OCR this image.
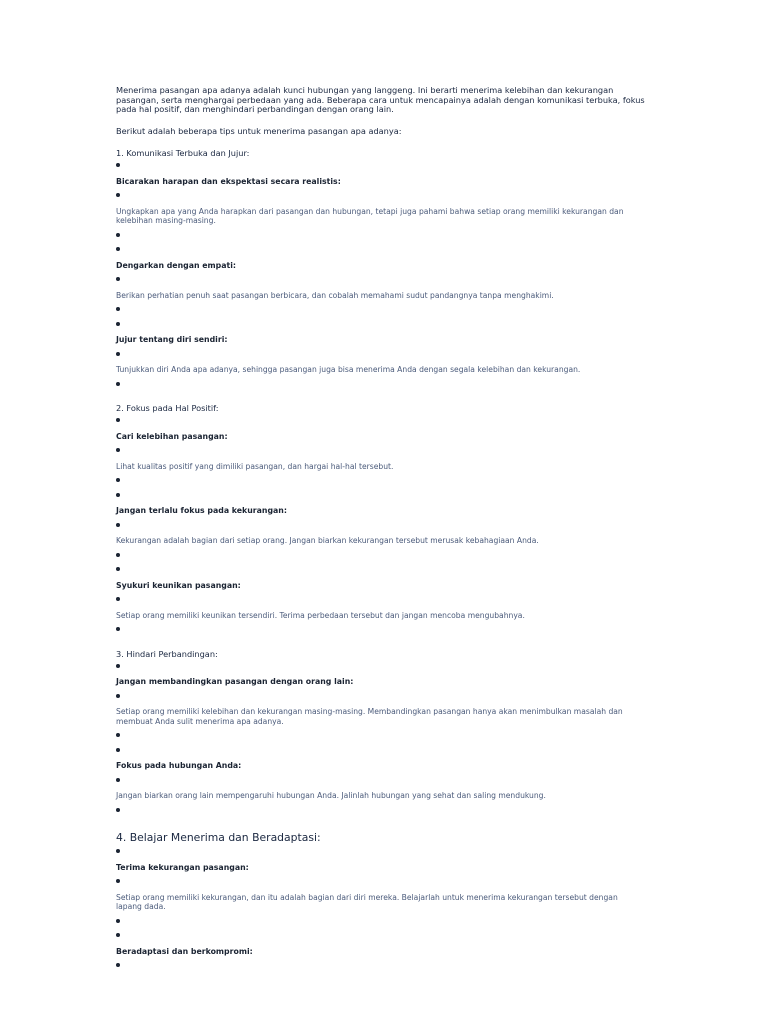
Menerima pasangan apa adanya adalah kunci hubungan yang langgeng. Ini berarti menerima kelebihan dan kekurangan pasangan, serta menghargai perbedaan yang ada. Beberapa cara untuk mencapainya adalah dengan komunikasi terbuka, fokus pada hal positif, dan menghindari perbandingan dengan orang lain.

Berikut adalah beberapa tips untuk menerima pasangan apa adanya:

1. Komunikasi Terbuka dan Jujur:
Bicarakan harapan dan ekspektasi secara realistis:
Ungkapkan apa yang Anda harapkan dari pasangan dan hubungan, tetapi juga pahami bahwa setiap orang memiliki kekurangan dan kelebihan masing-masing.
Dengarkan dengan empati:
Berikan perhatian penuh saat pasangan berbicara, dan cobalah memahami sudut pandangnya tanpa menghakimi.
Jujur tentang diri sendiri:
Tunjukkan diri Anda apa adanya, sehingga pasangan juga bisa menerima Anda dengan segala kelebihan dan kekurangan.
2. Fokus pada Hal Positif:
Cari kelebihan pasangan:
Lihat kualitas positif yang dimiliki pasangan, dan hargai hal-hal tersebut.
Jangan terlalu fokus pada kekurangan:
Kekurangan adalah bagian dari setiap orang. Jangan biarkan kekurangan tersebut merusak kebahagiaan Anda.
Syukuri keunikan pasangan:
Setiap orang memiliki keunikan tersendiri. Terima perbedaan tersebut dan jangan mencoba mengubahnya.
3. Hindari Perbandingan:
Jangan membandingkan pasangan dengan orang lain:
Setiap orang memiliki kelebihan dan kekurangan masing-masing. Membandingkan pasangan hanya akan menimbulkan masalah dan membuat Anda sulit menerima apa adanya.
Fokus pada hubungan Anda:
Jangan biarkan orang lain mempengaruhi hubungan Anda. Jalinlah hubungan yang sehat dan saling mendukung.
4. Belajar Menerima dan Beradaptasi:
Terima kekurangan pasangan:
Setiap orang memiliki kekurangan, dan itu adalah bagian dari diri mereka. Belajarlah untuk menerima kekurangan tersebut dengan lapang dada.
Beradaptasi dan berkompromi:
